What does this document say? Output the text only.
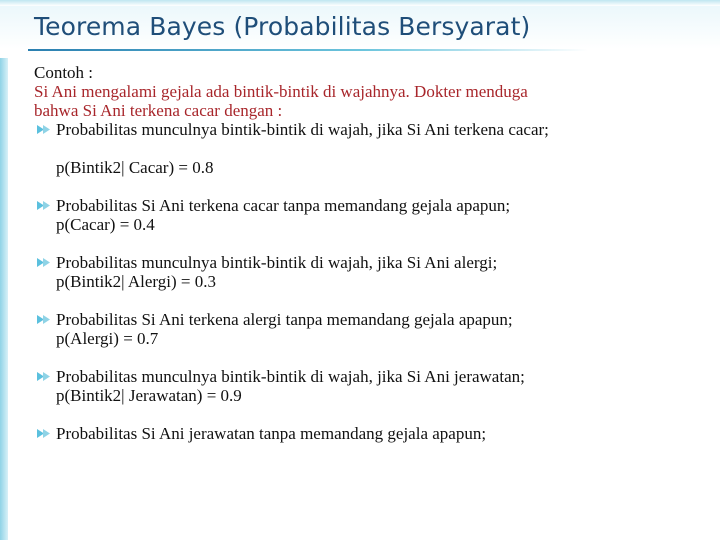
Teorema Bayes (Probabilitas Bersyarat)

Contoh :

Si Ani mengalami gejala ada bintik-bintik di wajahnya. Dokter menduga

bahwa Si Ani terkena cacar dengan :

Probabilitas munculnya bintik-bintik di wajah, jika Si Ani terkena cacar;

p(Bintik2| Cacar) = 0.8

Probabilitas Si Ani terkena cacar tanpa memandang gejala apapun;

p(Cacar) = 0.4

Probabilitas munculnya bintik-bintik di wajah, jika Si Ani alergi;

p(Bintik2| Alergi) = 0.3

Probabilitas Si Ani terkena alergi tanpa memandang gejala apapun;

p(Alergi) = 0.7

Probabilitas munculnya bintik-bintik di wajah, jika Si Ani jerawatan;

p(Bintik2| Jerawatan) = 0.9

Probabilitas Si Ani jerawatan tanpa memandang gejala apapun;
